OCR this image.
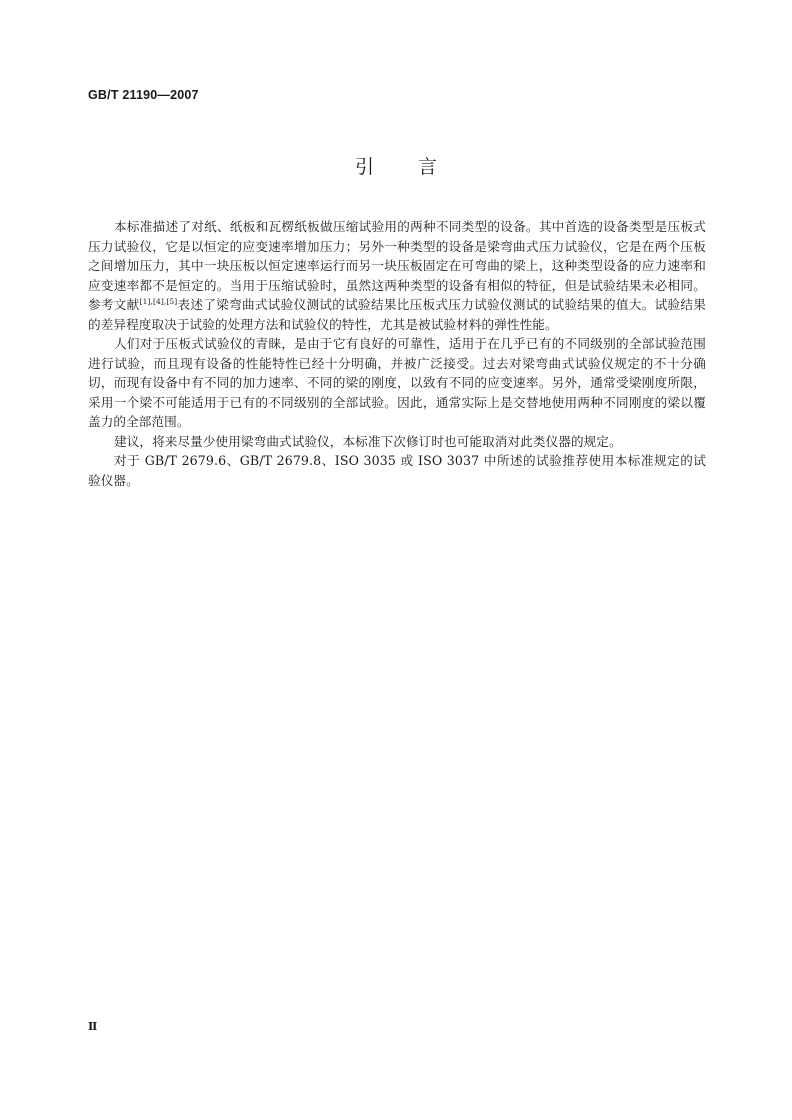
GB/T 21190—2007
引言

本标准描述了对纸、纸板和瓦楞纸板做压缩试验用的两种不同类型的设备。其中首选的设备类型是压板式压力试验仪，它是以恒定的应变速率增加压力；另外一种类型的设备是梁弯曲式压力试验仪，它是在两个压板之间增加压力，其中一块压板以恒定速率运行而另一块压板固定在可弯曲的梁上，这种类型设备的应力速率和应变速率都不是恒定的。当用于压缩试验时，虽然这两种类型的设备有相似的特征，但是试验结果未必相同。参考文献[1],[4],[5]表述了梁弯曲式试验仪测试的试验结果比压板式压力试验仪测试的试验结果的值大。试验结果的差异程度取决于试验的处理方法和试验仪的特性，尤其是被试验材料的弹性性能。

人们对于压板式试验仪的青睐，是由于它有良好的可靠性，适用于在几乎已有的不同级别的全部试验范围进行试验，而且现有设备的性能特性已经十分明确，并被广泛接受。过去对梁弯曲式试验仪规定的不十分确切，而现有设备中有不同的加力速率、不同的梁的刚度，以致有不同的应变速率。另外，通常受梁刚度所限，采用一个梁不可能适用于已有的不同级别的全部试验。因此，通常实际上是交替地使用两种不同刚度的梁以覆盖力的全部范围。

建议，将来尽量少使用梁弯曲式试验仪，本标准下次修订时也可能取消对此类仪器的规定。

对于 GB/T 2679.6、GB/T 2679.8、ISO 3035 或 ISO 3037 中所述的试验推荐使用本标准规定的试验仪器。

Ⅱ
